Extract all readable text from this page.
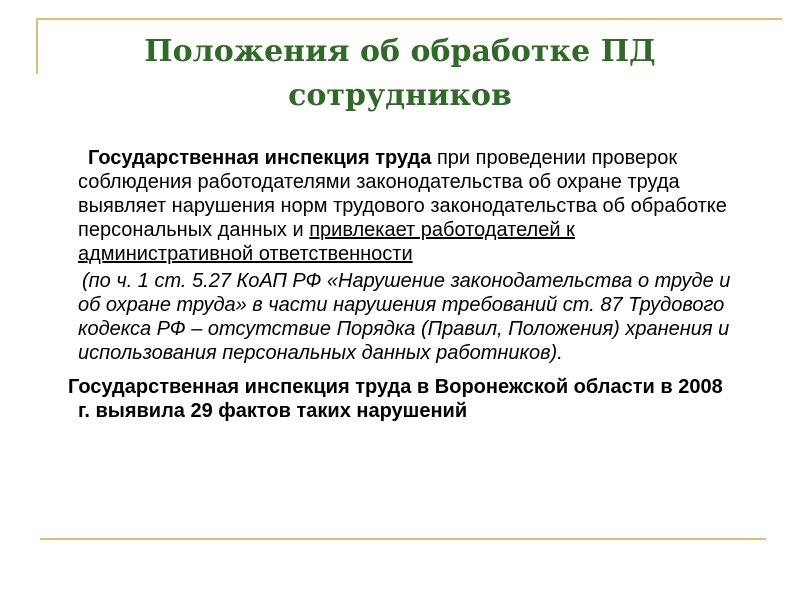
Положения об обработке ПД
сотрудников

Государственная инспекция труда при проведении проверок соблюдения работодателями законодательства об охране труда выявляет нарушения норм трудового законодательства об обработке персональных данных и привлекает работодателей к административной ответственности

(по ч. 1 ст. 5.27 КоАП РФ «Нарушение законодательства о труде и об охране труда» в части нарушения требований ст. 87 Трудового кодекса РФ – отсутствие Порядка (Правил, Положения) хранения и использования персональных данных работников).

Государственная инспекция труда в Воронежской области в 2008 г. выявила 29 фактов таких нарушений
